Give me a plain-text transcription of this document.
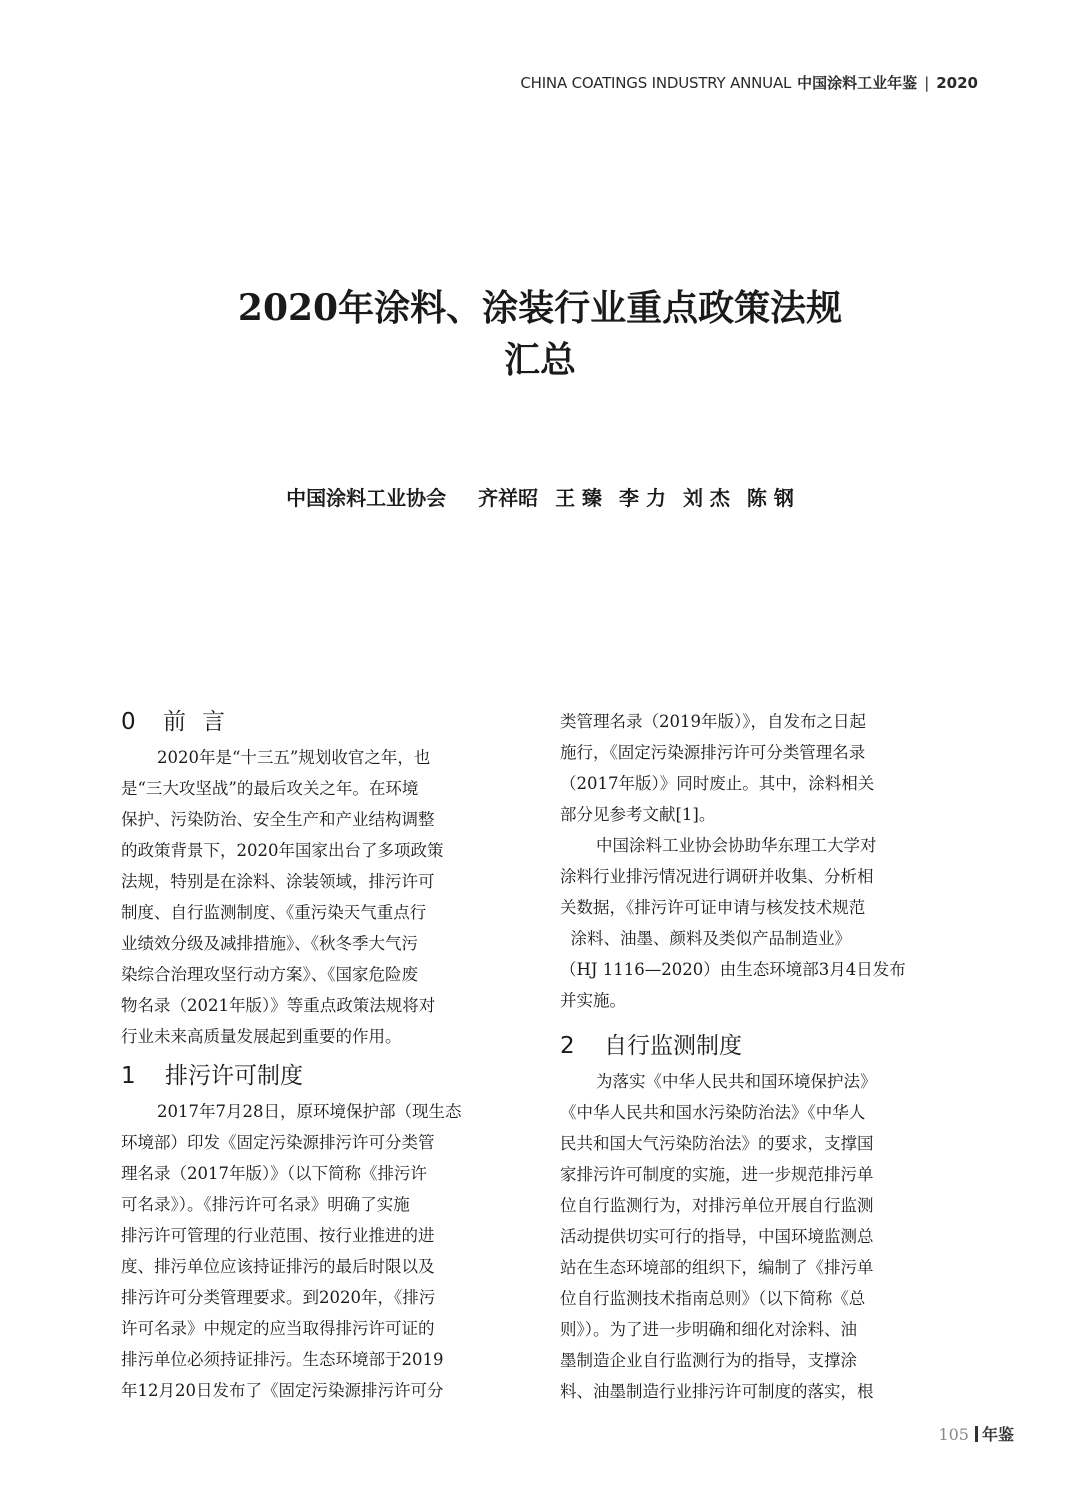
CHINA COATINGS INDUSTRY ANNUAL 中国涂料工业年鉴 | 2020
2020年涂料、涂装行业重点政策法规
汇总
中国涂料工业协会 齐祥昭 王 臻 李 力 刘 杰 陈 钢
0 前言
2020年是“十三五”规划收官之年，也
是“三大攻坚战”的最后攻关之年。在环境
保护、污染防治、安全生产和产业结构调整
的政策背景下，2020年国家出台了多项政策
法规，特别是在涂料、涂装领域，排污许可
制度、自行监测制度、《重污染天气重点行
业绩效分级及减排措施》、《秋冬季大气污
染综合治理攻坚行动方案》、《国家危险废
物名录（2021年版）》等重点政策法规将对
行业未来高质量发展起到重要的作用。
1 排污许可制度
2017年7月28日，原环境保护部（现生态
环境部）印发《固定污染源排污许可分类管
理名录（2017年版）》（以下简称《排污许
可名录》）。《排污许可名录》明确了实施
排污许可管理的行业范围、按行业推进的进
度、排污单位应该持证排污的最后时限以及
排污许可分类管理要求。到2020年，《排污
许可名录》中规定的应当取得排污许可证的
排污单位必须持证排污。生态环境部于2019
年12月20日发布了《固定污染源排污许可分
类管理名录（2019年版）》，自发布之日起
施行，《固定污染源排污许可分类管理名录
（2017年版）》同时废止。其中，涂料相关
部分见参考文献[1]。
中国涂料工业协会协助华东理工大学对
涂料行业排污情况进行调研并收集、分析相
关数据，《排污许可证申请与核发技术规范
涂料、油墨、颜料及类似产品制造业》
（HJ 1116—2020）由生态环境部3月4日发布
并实施。
2 自行监测制度
为落实《中华人民共和国环境保护法》
《中华人民共和国水污染防治法》《中华人
民共和国大气污染防治法》的要求，支撑国
家排污许可制度的实施，进一步规范排污单
位自行监测行为，对排污单位开展自行监测
活动提供切实可行的指导，中国环境监测总
站在生态环境部的组织下，编制了《排污单
位自行监测技术指南总则》（以下简称《总
则》）。为了进一步明确和细化对涂料、油
墨制造企业自行监测行为的指导，支撑涂
料、油墨制造行业排污许可制度的落实，根
105 年鉴
